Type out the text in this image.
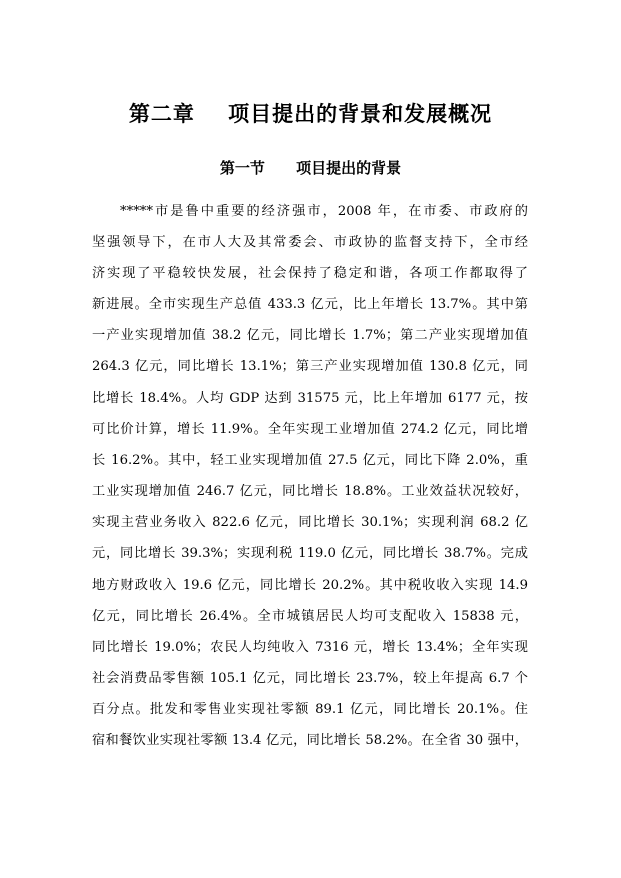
第二章    项目提出的背景和发展概况
第一节      项目提出的背景
*****市是鲁中重要的经济强市，2008 年，在市委、市政府的
坚强领导下，在市人大及其常委会、市政协的监督支持下，全市经
济实现了平稳较快发展，社会保持了稳定和谐，各项工作都取得了
新进展。全市实现生产总值 433.3 亿元，比上年增长 13.7%。其中第
一产业实现增加值 38.2 亿元，同比增长 1.7%；第二产业实现增加值
264.3 亿元，同比增长 13.1%；第三产业实现增加值 130.8 亿元，同
比增长 18.4%。人均 GDP 达到 31575 元，比上年增加 6177 元，按
可比价计算，增长 11.9%。全年实现工业增加值 274.2 亿元，同比增
长 16.2%。其中，轻工业实现增加值 27.5 亿元，同比下降 2.0%，重
工业实现增加值 246.7 亿元，同比增长 18.8%。工业效益状况较好，
实现主营业务收入 822.6 亿元，同比增长 30.1%；实现利润 68.2 亿
元，同比增长 39.3%；实现利税 119.0 亿元，同比增长 38.7%。完成
地方财政收入 19.6 亿元，同比增长 20.2%。其中税收收入实现 14.9
亿元，同比增长 26.4%。全市城镇居民人均可支配收入 15838 元，
同比增长 19.0%；农民人均纯收入 7316 元，增长 13.4%；全年实现
社会消费品零售额 105.1 亿元，同比增长 23.7%，较上年提高 6.7 个
百分点。批发和零售业实现社零额 89.1 亿元，同比增长 20.1%。住
宿和餐饮业实现社零额 13.4 亿元，同比增长 58.2%。在全省 30 强中，
